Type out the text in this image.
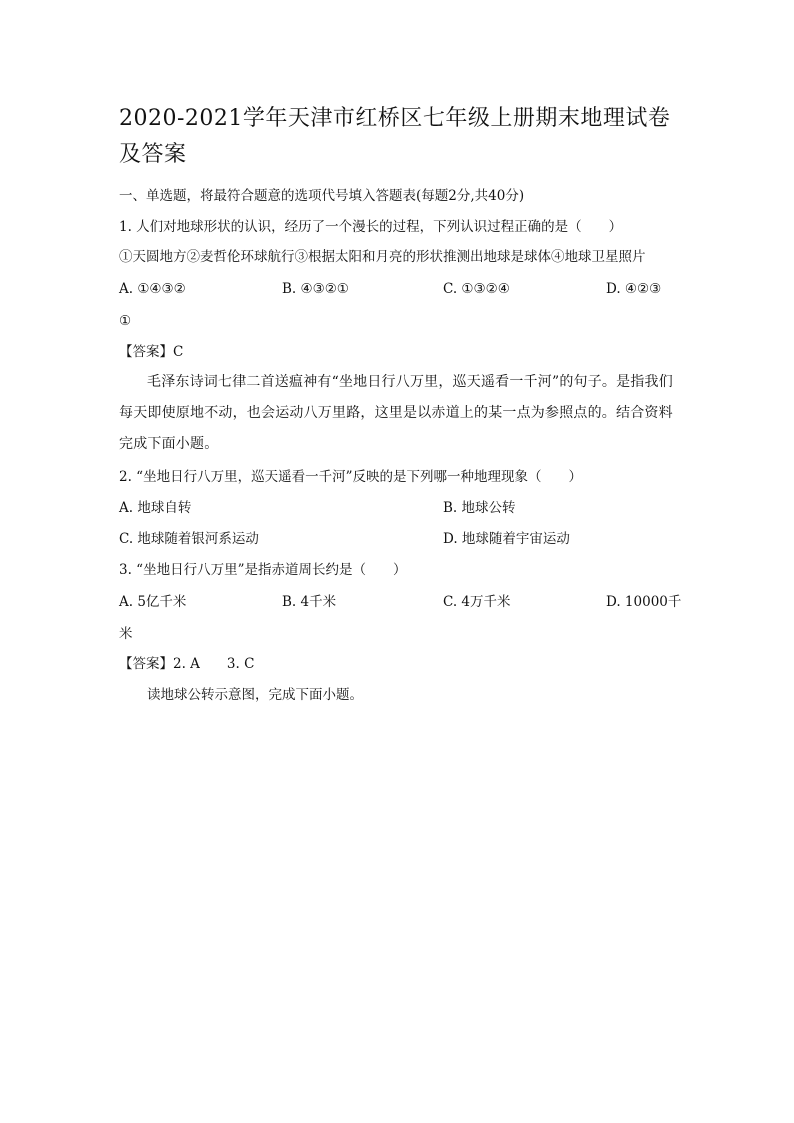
2020-2021学年天津市红桥区七年级上册期末地理试卷及答案
一、单选题，将最符合题意的选项代号填入答题表(每题2分,共40分)
1. 人们对地球形状的认识，经历了一个漫长的过程，下列认识过程正确的是（　　）
①天圆地方②麦哲伦环球航行③根据太阳和月亮的形状推测出地球是球体④地球卫星照片
A. ①④③②	B. ④③②①	C. ①③②④	D. ④②③
①
【答案】C
毛泽东诗词七律二首送瘟神有“坐地日行八万里，巡天遥看一千河”的句子。是指我们每天即使原地不动，也会运动八万里路，这里是以赤道上的某一点为参照点的。结合资料完成下面小题。
2. “坐地日行八万里，巡天遥看一千河”反映的是下列哪一种地理现象（　　）
A. 地球自转	B. 地球公转
C. 地球随着银河系运动	D. 地球随着宇宙运动
3. “坐地日行八万里”是指赤道周长约是（　　）
A. 5亿千米	B. 4千米	C. 4万千米	D. 10000千
米
【答案】2. A　　3. C
读地球公转示意图，完成下面小题。
